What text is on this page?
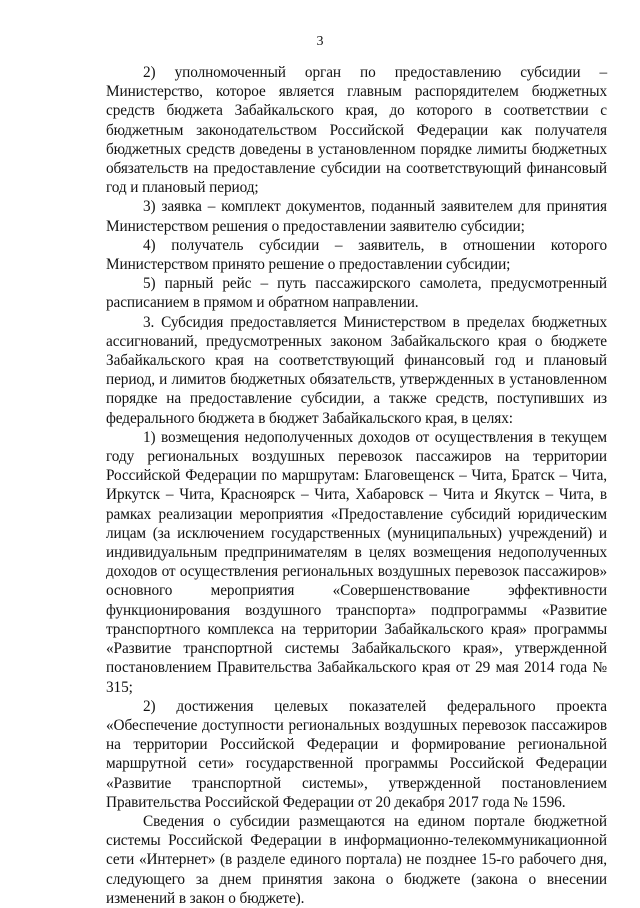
3

2) уполномоченный орган по предоставлению субсидии – Министерство, которое является главным распорядителем бюджетных средств бюджета Забайкальского края, до которого в соответствии с бюджетным законодательством Российской Федерации как получателя бюджетных средств доведены в установленном порядке лимиты бюджетных обязательств на предоставление субсидии на соответствующий финансовый год и плановый период;

3) заявка – комплект документов, поданный заявителем для принятия Министерством решения о предоставлении заявителю субсидии;

4) получатель субсидии – заявитель, в отношении которого Министерством принято решение о предоставлении субсидии;

5) парный рейс – путь пассажирского самолета, предусмотренный расписанием в прямом и обратном направлении.

3. Субсидия предоставляется Министерством в пределах бюджетных ассигнований, предусмотренных законом Забайкальского края о бюджете Забайкальского края на соответствующий финансовый год и плановый период, и лимитов бюджетных обязательств, утвержденных в установленном порядке на предоставление субсидии, а также средств, поступивших из федерального бюджета в бюджет Забайкальского края, в целях:

1) возмещения недополученных доходов от осуществления в текущем году региональных воздушных перевозок пассажиров на территории Российской Федерации по маршрутам: Благовещенск – Чита, Братск – Чита, Иркутск – Чита, Красноярск – Чита, Хабаровск – Чита и Якутск – Чита, в рамках реализации мероприятия «Предоставление субсидий юридическим лицам (за исключением государственных (муниципальных) учреждений) и индивидуальным предпринимателям в целях возмещения недополученных доходов от осуществления региональных воздушных перевозок пассажиров» основного мероприятия «Совершенствование эффективности функционирования воздушного транспорта» подпрограммы «Развитие транспортного комплекса на территории Забайкальского края» программы «Развитие транспортной системы Забайкальского края», утвержденной постановлением Правительства Забайкальского края от 29 мая 2014 года № 315;

2) достижения целевых показателей федерального проекта «Обеспечение доступности региональных воздушных перевозок пассажиров на территории Российской Федерации и формирование региональной маршрутной сети» государственной программы Российской Федерации «Развитие транспортной системы», утвержденной постановлением Правительства Российской Федерации от 20 декабря 2017 года № 1596.

Сведения о субсидии размещаются на едином портале бюджетной системы Российской Федерации в информационно-телекоммуникационной сети «Интернет» (в разделе единого портала) не позднее 15-го рабочего дня, следующего за днем принятия закона о бюджете (закона о внесении изменений в закон о бюджете).
